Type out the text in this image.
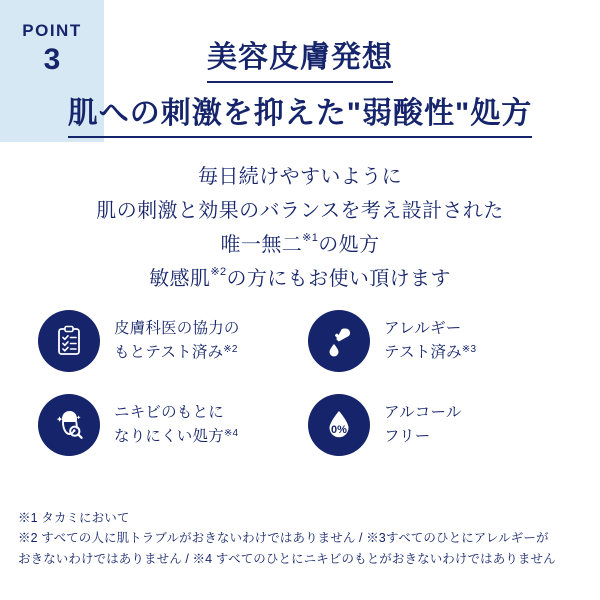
POINT
3	美容皮膚発想
肌への刺激を抑えた"弱酸性"処方
毎日続けやすいように
肌の刺激と効果のバランスを考え設計された
唯一無二$^{※1}$の処方
敏感肌$^{※2}$の方にもお使い頂けます
皮膚科医の協力の
もとテスト済み$^{※2}$
アレルギー
テスト済み$^{※3}$
ニキビのもとに
なりにくい処方$^{※4}$	0%
アルコール
フリー
※1 タカミにおいて
※2 すべての人に肌トラブルがおきないわけではありません / ※3すべてのひとにアレルギーが
おきないわけではありません / ※4 すべてのひとにニキビのもとがおきないわけではありません
